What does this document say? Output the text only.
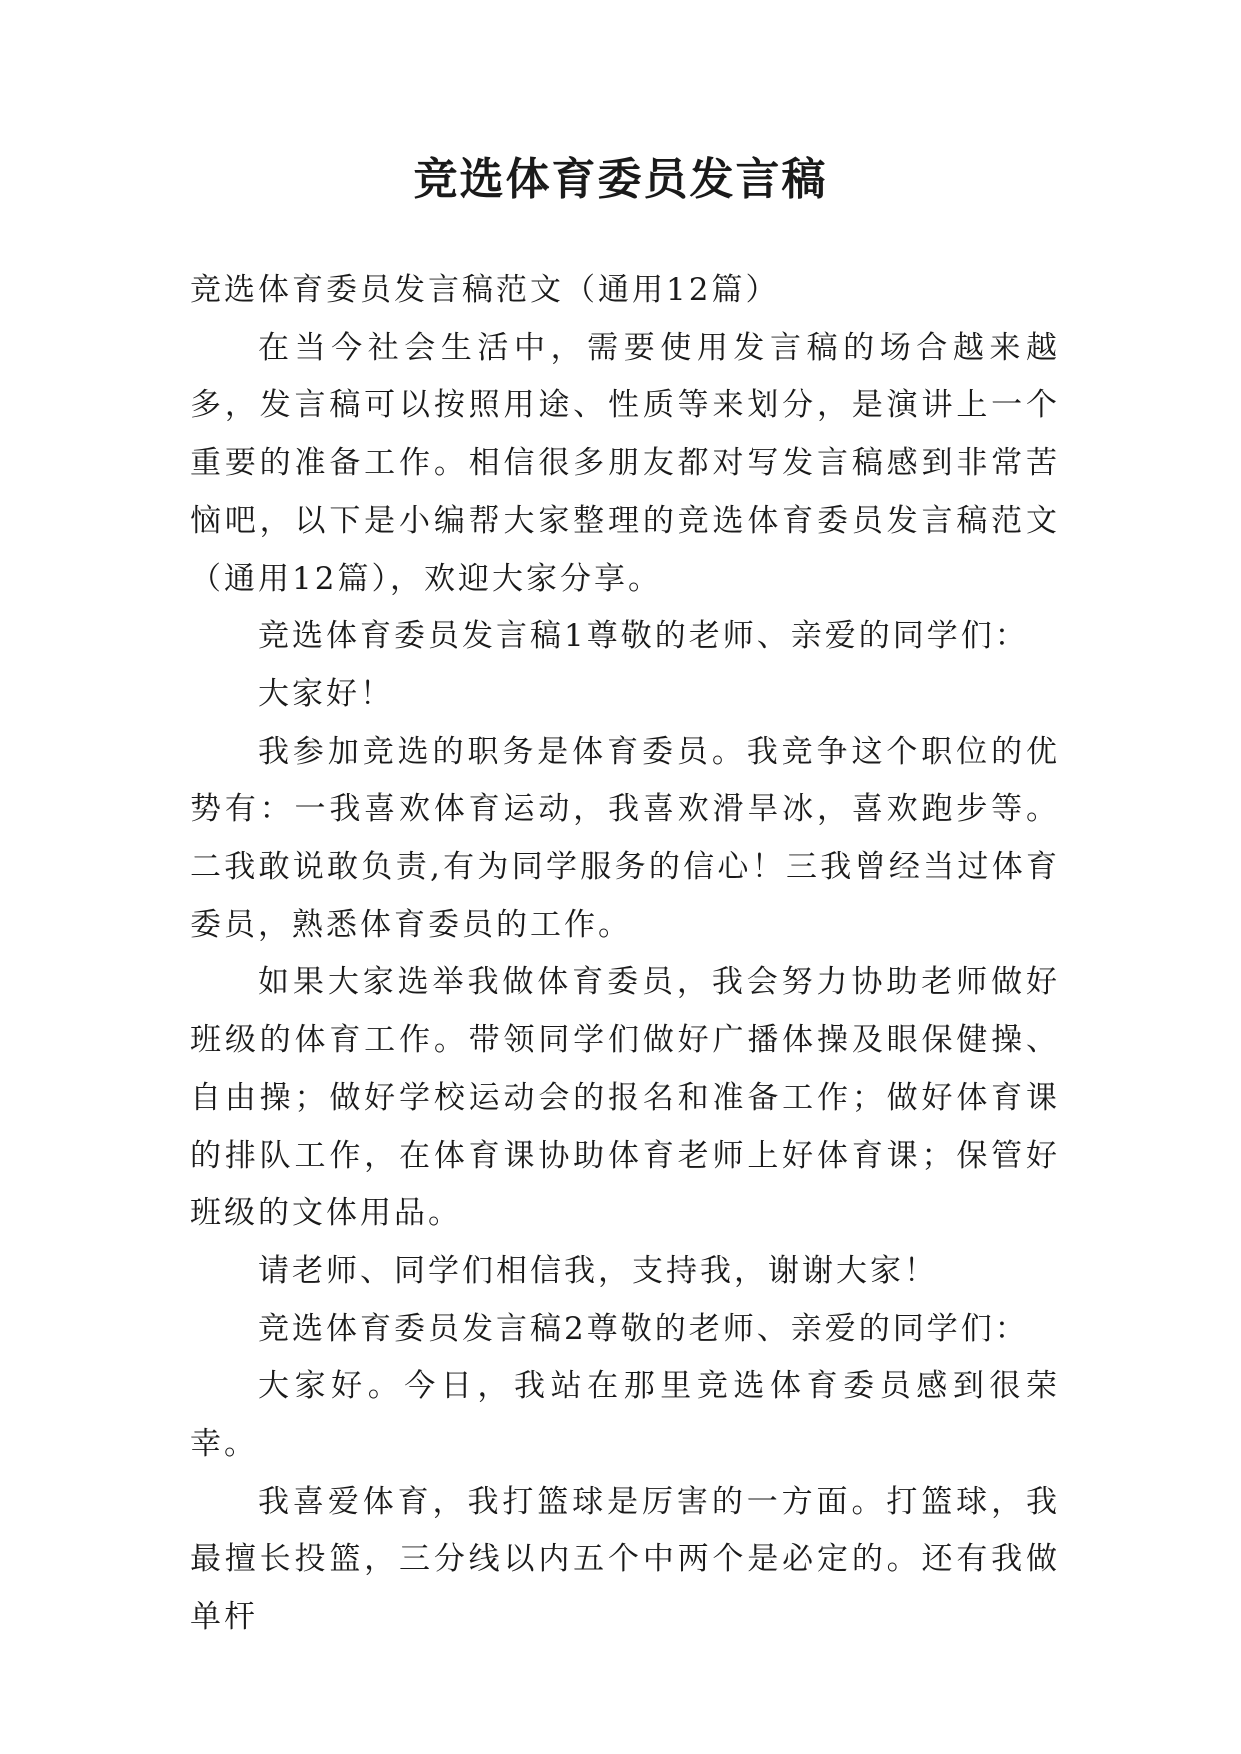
竞选体育委员发言稿

竞选体育委员发言稿范文（通用12篇）

在当今社会生活中，需要使用发言稿的场合越来越多，发言稿可以按照用途、性质等来划分，是演讲上一个重要的准备工作。相信很多朋友都对写发言稿感到非常苦恼吧，以下是小编帮大家整理的竞选体育委员发言稿范文（通用12篇），欢迎大家分享。

竞选体育委员发言稿1尊敬的老师、亲爱的同学们：

大家好！

我参加竞选的职务是体育委员。我竞争这个职位的优势有：一我喜欢体育运动，我喜欢滑旱冰，喜欢跑步等。二我敢说敢负责,有为同学服务的信心！三我曾经当过体育委员，熟悉体育委员的工作。

如果大家选举我做体育委员，我会努力协助老师做好班级的体育工作。带领同学们做好广播体操及眼保健操、自由操；做好学校运动会的报名和准备工作；做好体育课的排队工作，在体育课协助体育老师上好体育课；保管好班级的文体用品。

请老师、同学们相信我，支持我，谢谢大家！

竞选体育委员发言稿2尊敬的老师、亲爱的同学们：

大家好。今日，我站在那里竞选体育委员感到很荣幸。

我喜爱体育，我打篮球是厉害的一方面。打篮球，我最擅长投篮，三分线以内五个中两个是必定的。还有我做单杆
